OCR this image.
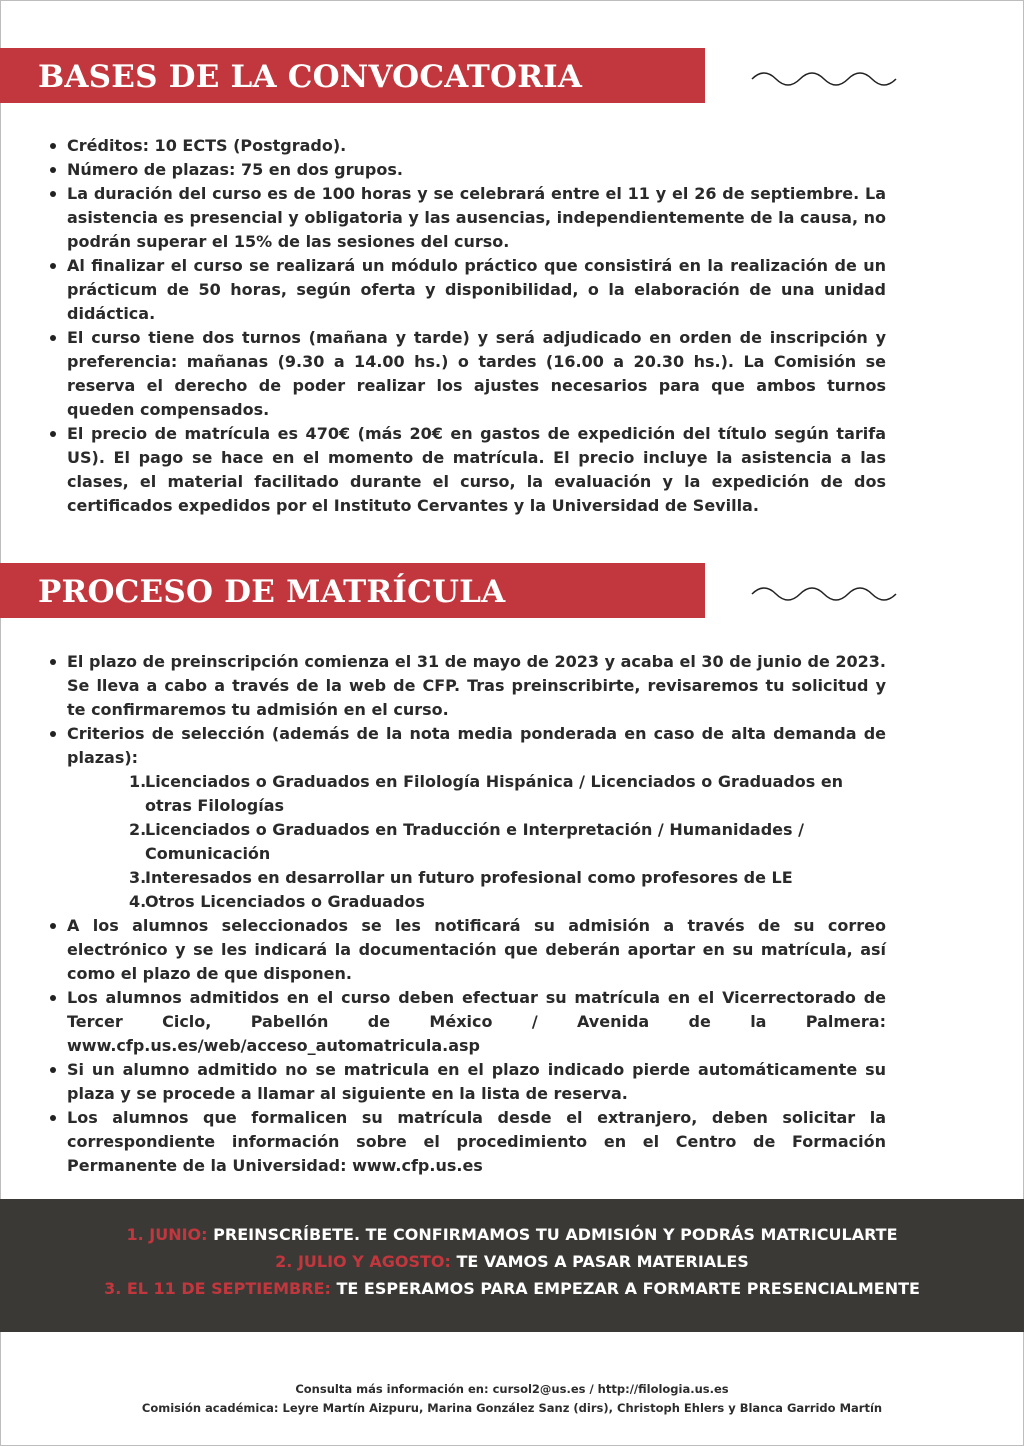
BASES DE LA CONVOCATORIA
Créditos: 10 ECTS (Postgrado).
Número de plazas: 75 en dos grupos.
La duración del curso es de 100 horas y se celebrará entre el 11 y el 26 de septiembre. La asistencia es presencial y obligatoria y las ausencias, independientemente de la causa, no podrán superar el 15% de las sesiones del curso.
Al finalizar el curso se realizará un módulo práctico que consistirá en la realización de un prácticum de 50 horas, según oferta y disponibilidad, o la elaboración de una unidad didáctica.
El curso tiene dos turnos (mañana y tarde) y será adjudicado en orden de inscripción y preferencia: mañanas (9.30 a 14.00 hs.) o tardes (16.00 a 20.30 hs.). La Comisión se reserva el derecho de poder realizar los ajustes necesarios para que ambos turnos queden compensados.
El precio de matrícula es 470€ (más 20€ en gastos de expedición del título según tarifa US). El pago se hace en el momento de matrícula. El precio incluye la asistencia a las clases, el material facilitado durante el curso, la evaluación y la expedición de dos certificados expedidos por el Instituto Cervantes y la Universidad de Sevilla.
PROCESO DE MATRÍCULA
El plazo de preinscripción comienza el 31 de mayo de 2023 y acaba el 30 de junio de 2023. Se lleva a cabo a través de la web de CFP. Tras preinscribirte, revisaremos tu solicitud y te confirmaremos tu admisión en el curso.
Criterios de selección (además de la nota media ponderada en caso de alta demanda de plazas):
1.
Licenciados o Graduados en Filología Hispánica / Licenciados o Graduados en otras Filologías
2.
Licenciados o Graduados en Traducción e Interpretación / Humanidades / Comunicación
3.
Interesados en desarrollar un futuro profesional como profesores de LE
4.
Otros Licenciados o Graduados
A los alumnos seleccionados se les notificará su admisión a través de su correo electrónico y se les indicará la documentación que deberán aportar en su matrícula, así como el plazo de que disponen.
Los alumnos admitidos en el curso deben efectuar su matrícula en el Vicerrectorado de Tercer Ciclo, Pabellón de México / Avenida de la Palmera: www.cfp.us.es/web/acceso_automatricula.asp
Si un alumno admitido no se matricula en el plazo indicado pierde automáticamente su plaza y se procede a llamar al siguiente en la lista de reserva.
Los alumnos que formalicen su matrícula desde el extranjero, deben solicitar la correspondiente información sobre el procedimiento en el Centro de Formación Permanente de la Universidad: www.cfp.us.es
1. JUNIO: PREINSCRÍBETE. TE CONFIRMAMOS TU ADMISIÓN Y PODRÁS MATRICULARTE
2. JULIO Y AGOSTO: TE VAMOS A PASAR MATERIALES
3. EL 11 DE SEPTIEMBRE: TE ESPERAMOS PARA EMPEZAR A FORMARTE PRESENCIALMENTE
Consulta más información en: cursol2@us.es / http://filologia.us.es
Comisión académica: Leyre Martín Aizpuru, Marina González Sanz (dirs), Christoph Ehlers y Blanca Garrido Martín
